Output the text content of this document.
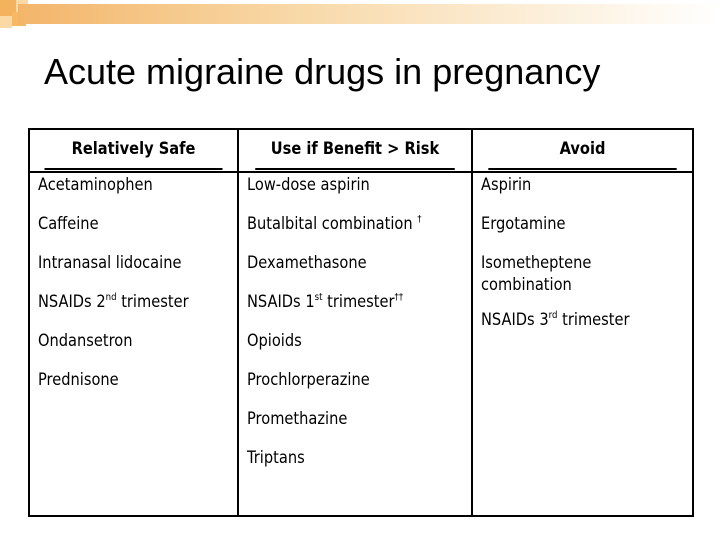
Acute migraine drugs in pregnancy
Relatively Safe
Acetaminophen
Caffeine
Intranasal lidocaine
NSAIDs 2nd trimester
Ondansetron
Prednisone
Use if Benefit > Risk
Low-dose aspirin
Butalbital combination †
Dexamethasone
NSAIDs 1st trimester††
Opioids
Prochlorperazine
Promethazine
Triptans
Avoid
Aspirin
Ergotamine
Isometheptene combination
NSAIDs 3rd trimester
